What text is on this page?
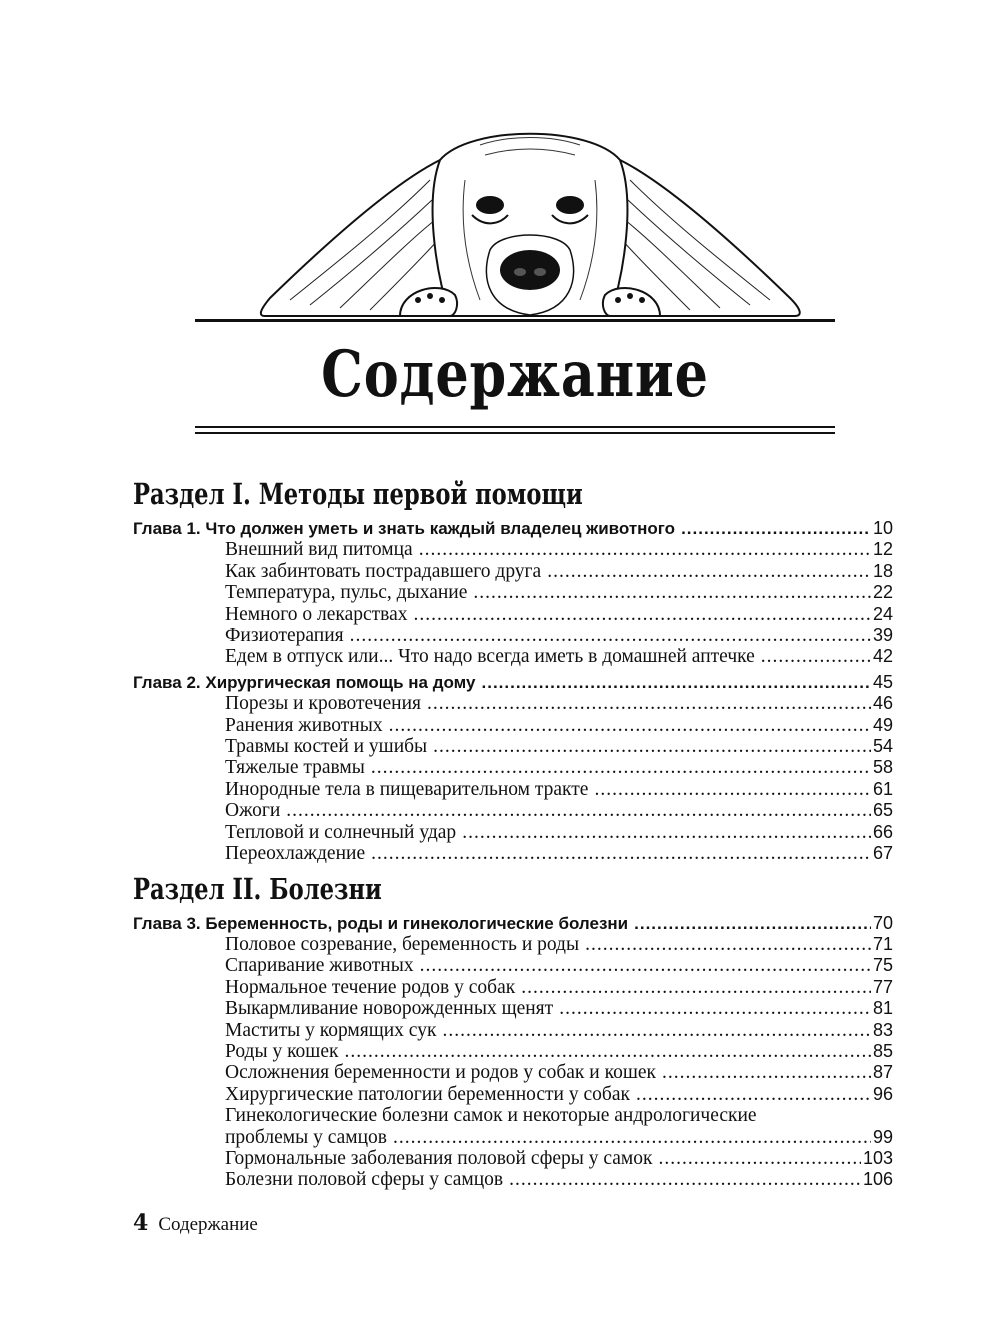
Содержание
Раздел I. Методы первой помощи
Глава 1. Что должен уметь и знать каждый владелец животного .....	10
Внешний вид питомца .....	12
Как забинтовать пострадавшего друга .....	18
Температура, пульс, дыхание .....	22
Немного о лекарствах .....	24
Физиотерапия .....	39
Едем в отпуск или... Что надо всегда иметь в домашней аптечке .....	42
Глава 2. Хирургическая помощь на дому .....	45
Порезы и кровотечения .....	46
Ранения животных .....	49
Травмы костей и ушибы .....	54
Тяжелые травмы .....	58
Инородные тела в пищеварительном тракте .....	61
Ожоги .....	65
Тепловой и солнечный удар .....	66
Переохлаждение .....	67
Раздел II. Болезни
Глава 3. Беременность, роды и гинекологические болезни .....	70
Половое созревание, беременность и роды .....	71
Спаривание животных .....	75
Нормальное течение родов у собак .....	77
Выкармливание новорожденных щенят .....	81
Маститы у кормящих сук .....	83
Роды у кошек .....	85
Осложнения беременности и родов у собак и кошек .....	87
Хирургические патологии беременности у собак .....	96
Гинекологические болезни самок и некоторые андрологические
проблемы у самцов .....	99
Гормональные заболевания половой сферы у самок .....	103
Болезни половой сферы у самцов .....	106
4 Содержание
